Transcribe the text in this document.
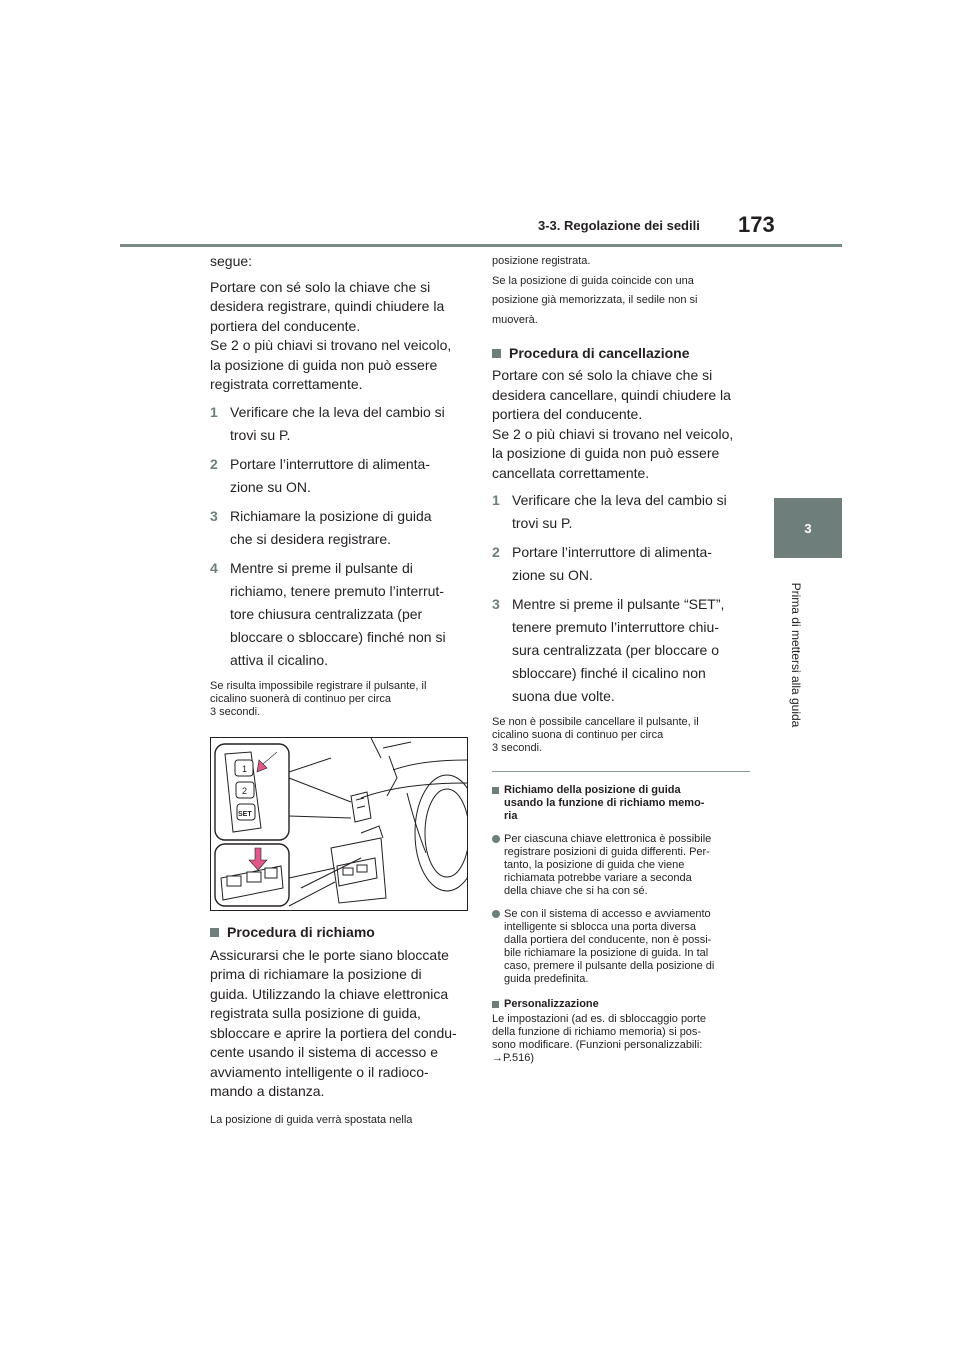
3-3. Regolazione dei sedili 173
3
Prima di mettersi alla guida

segue:

Portare con sé solo la chiave che si
desidera registrare, quindi chiudere la
portiera del conducente.
Se 2 o più chiavi si trovano nel veicolo,
la posizione di guida non può essere
registrata correttamente.

1 Verificare che la leva del cambio si
trovi su P.
2 Portare l’interruttore di alimenta-
zione su ON.
3 Richiamare la posizione di guida
che si desidera registrare.
4 Mentre si preme il pulsante di
richiamo, tenere premuto l’interrut-
tore chiusura centralizzata (per
bloccare o sbloccare) finché non si
attiva il cicalino.

Se risulta impossibile registrare il pulsante, il
cicalino suonerà di continuo per circa
3 secondi.

1
2
SET
Procedura di richiamo

Assicurarsi che le porte siano bloccate
prima di richiamare la posizione di
guida. Utilizzando la chiave elettronica
registrata sulla posizione di guida,
sbloccare e aprire la portiera del condu-
cente usando il sistema di accesso e
avviamento intelligente o il radioco-
mando a distanza.

La posizione di guida verrà spostata nella

posizione registrata.
Se la posizione di guida coincide con una
posizione già memorizzata, il sedile non si
muoverà.

Procedura di cancellazione

Portare con sé solo la chiave che si
desidera cancellare, quindi chiudere la
portiera del conducente.
Se 2 o più chiavi si trovano nel veicolo,
la posizione di guida non può essere
cancellata correttamente.

1 Verificare che la leva del cambio si
trovi su P.
2 Portare l’interruttore di alimenta-
zione su ON.
3 Mentre si preme il pulsante “SET”,
tenere premuto l’interruttore chiu-
sura centralizzata (per bloccare o
sbloccare) finché il cicalino non
suona due volte.

Se non è possibile cancellare il pulsante, il
cicalino suona di continuo per circa
3 secondi.

Richiamo della posizione di guida
usando la funzione di richiamo memo-
ria
Per ciascuna chiave elettronica è possibile
registrare posizioni di guida differenti. Per-
tanto, la posizione di guida che viene
richiamata potrebbe variare a seconda
della chiave che si ha con sé.
Se con il sistema di accesso e avviamento
intelligente si sblocca una porta diversa
dalla portiera del conducente, non è possi-
bile richiamare la posizione di guida. In tal
caso, premere il pulsante della posizione di
guida predefinita.
Personalizzazione

Le impostazioni (ad es. di sbloccaggio porte
della funzione di richiamo memoria) si pos-
sono modificare. (Funzioni personalizzabili:
→P.516)
